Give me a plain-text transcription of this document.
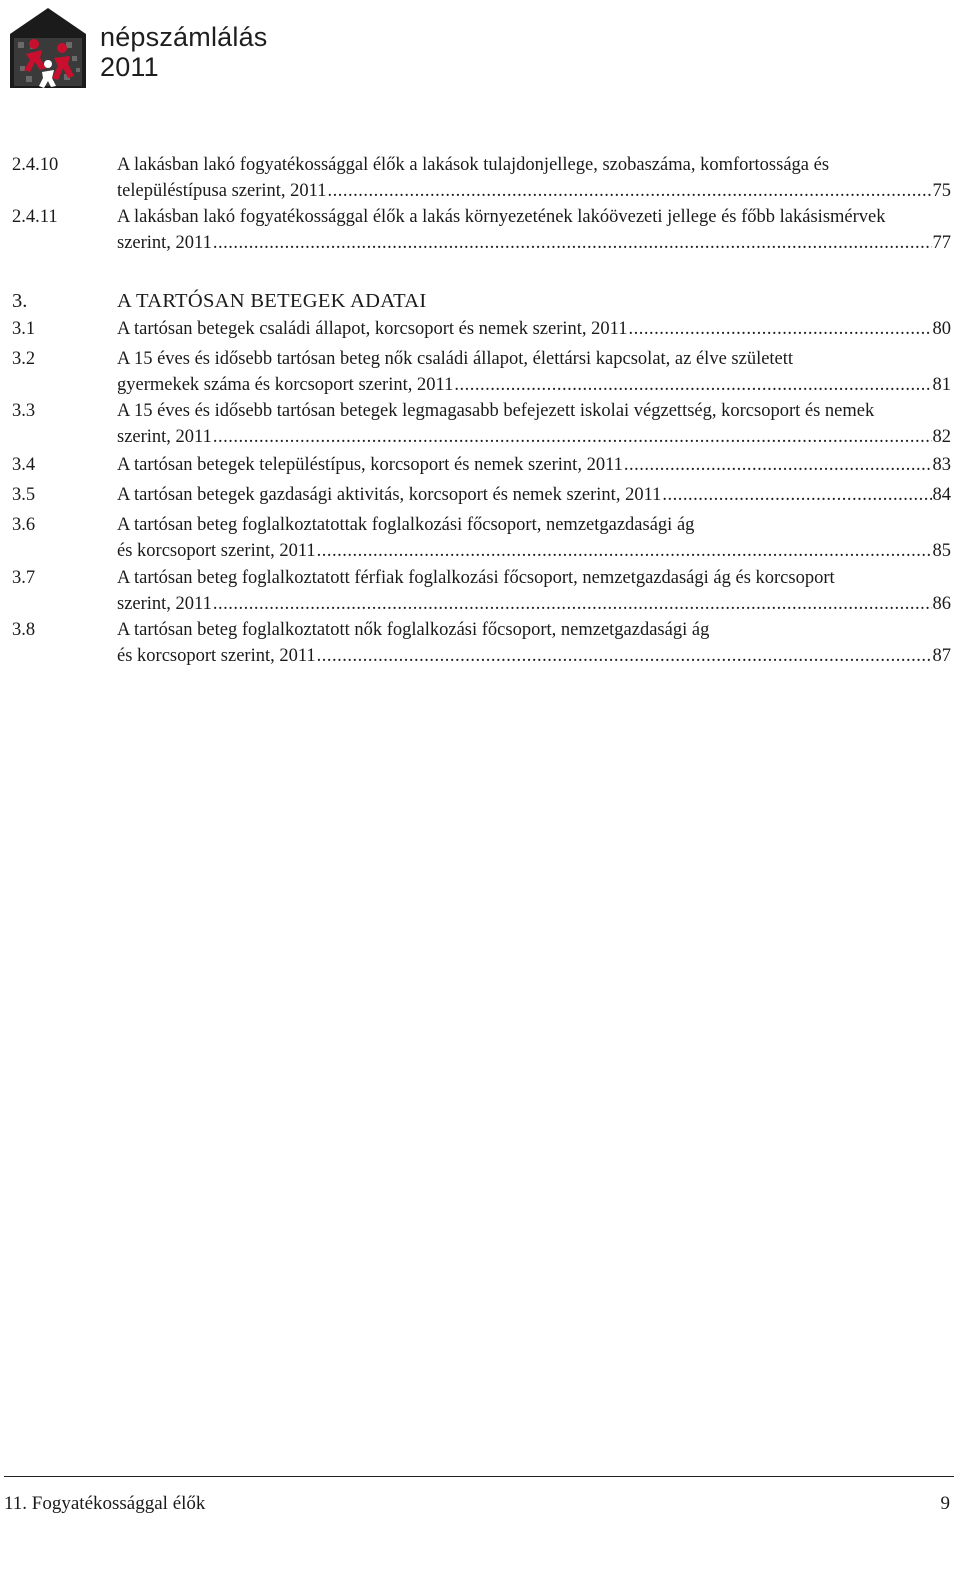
népszámlálás
2011
2.4.10	A lakásban lakó fogyatékossággal élők a lakások tulajdonjellege, szobaszáma, komfortossága és
településtípusa szerint, 2011 .....	75
2.4.11	A lakásban lakó fogyatékossággal élők a lakás környezetének lakóövezeti jellege és főbb lakásismérvek
szerint, 2011 .....	77
3.	A TARTÓSAN BETEGEK ADATAI
3.1	A tartósan betegek családi állapot, korcsoport és nemek szerint, 2011 .....	80
3.2	A 15 éves és idősebb tartósan beteg nők családi állapot, élettársi kapcsolat, az élve született
gyermekek száma és korcsoport szerint, 2011 .....	81
3.3	A 15 éves és idősebb tartósan betegek legmagasabb befejezett iskolai végzettség, korcsoport és nemek
szerint, 2011 .....	82
3.4	A tartósan betegek településtípus, korcsoport és nemek szerint, 2011 .....	83
3.5	A tartósan betegek gazdasági aktivitás, korcsoport és nemek szerint, 2011 .....	84
3.6	A tartósan beteg foglalkoztatottak foglalkozási főcsoport, nemzetgazdasági ág
és korcsoport szerint, 2011 .....	85
3.7	A tartósan beteg foglalkoztatott férfiak foglalkozási főcsoport, nemzetgazdasági ág és korcsoport
szerint, 2011 .....	86
3.8	A tartósan beteg foglalkoztatott nők foglalkozási főcsoport, nemzetgazdasági ág
és korcsoport szerint, 2011 .....	87
11. Fogyatékossággal élők	9
